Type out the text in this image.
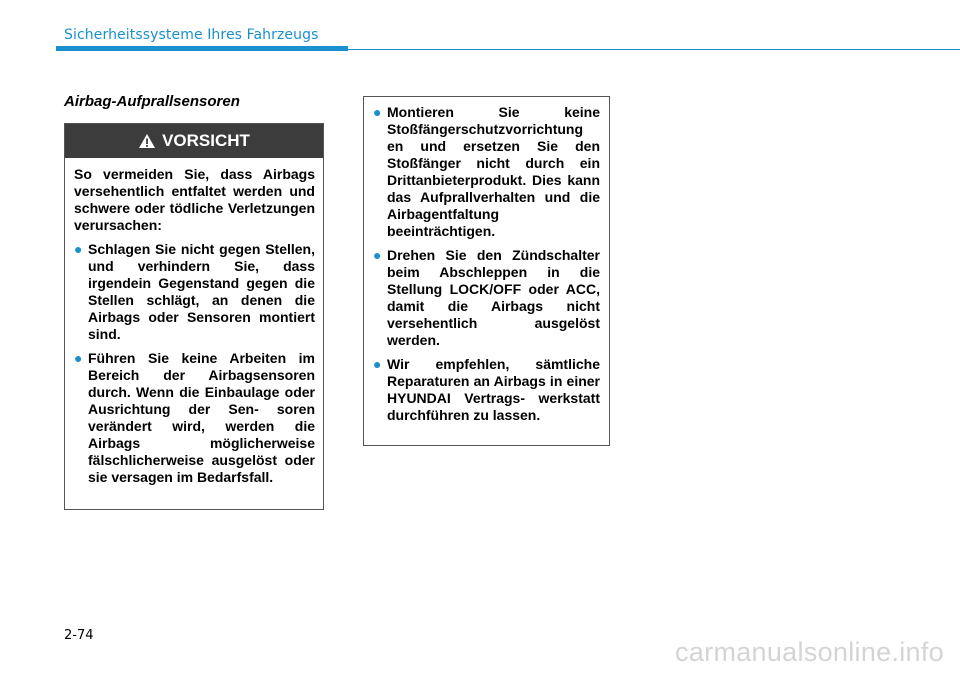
Sicherheitssysteme Ihres Fahrzeugs
Airbag-Aufprallsensoren
VORSICHT
So vermeiden Sie, dass Airbags versehentlich entfaltet werden und schwere oder tödliche Verletzungen verursachen:
● Schlagen Sie nicht gegen Stellen, und verhindern Sie, dass irgendein Gegenstand gegen die Stellen schlägt, an denen die Airbags oder Sensoren montiert sind.
● Führen Sie keine Arbeiten im Bereich der Airbagsensoren durch. Wenn die Einbaulage oder Ausrichtung der Sen- soren verändert wird, werden die Airbags möglicherweise fälschlicherweise ausgelöst oder sie versagen im Bedarfsfall.
● Montieren Sie keine Stoßfängerschutzvorrichtung en und ersetzen Sie den Stoßfänger nicht durch ein Drittanbieterprodukt. Dies kann das Aufprallverhalten und die Airbagentfaltung beeinträchtigen.
● Drehen Sie den Zündschalter beim Abschleppen in die Stellung LOCK/OFF oder ACC, damit die Airbags nicht versehentlich ausgelöst werden.
● Wir empfehlen, sämtliche Reparaturen an Airbags in einer HYUNDAI Vertrags- werkstatt durchführen zu lassen.
2-74
carmanualsonline.info
